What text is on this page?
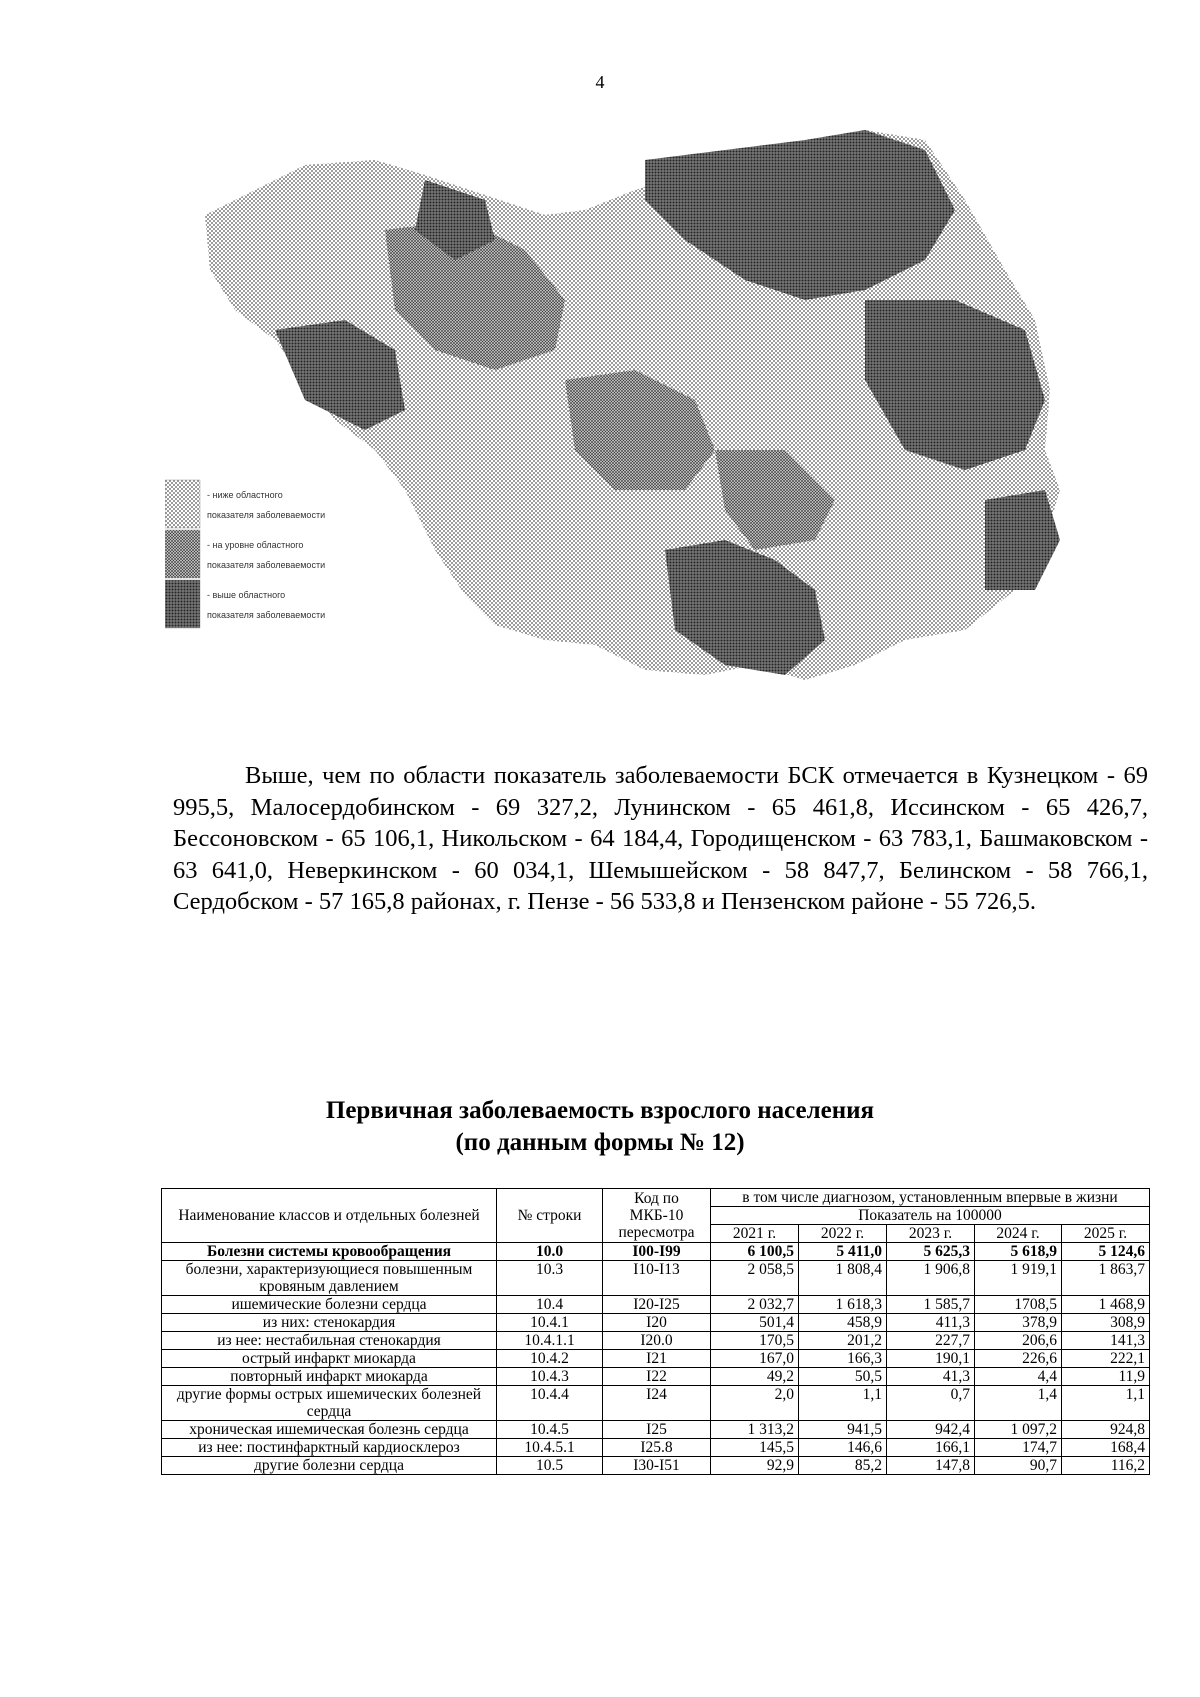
4
- ниже областного
показателя заболеваемости
- на уровне областного
показателя заболеваемости
- выше областного
показателя заболеваемости

Выше, чем по области показатель заболеваемости БСК отмечается в Кузнецком - 69 995,5, Малосердобинском - 69 327,2, Лунинском - 65 461,8, Иссинском - 65 426,7, Бессоновском - 65 106,1, Никольском - 64 184,4, Городищенском - 63 783,1, Башмаковском - 63 641,0, Неверкинском - 60 034,1, Шемышейском - 58 847,7, Белинском - 58 766,1, Сердобском - 57 165,8 районах, г. Пензе - 56 533,8 и Пензенском районе - 55 726,5.

Первичная заболеваемость взрослого населения
(по данным формы № 12)
Наименование классов и отдельных болезней	№ строки	Код по МКБ-10 пересмотра	в том числе диагнозом, установленным впервые в жизни				
			Показатель на 100000				
			2021 г.	2022 г.	2023 г.	2024 г.	2025 г.
Болезни системы кровообращения	10.0	I00-I99	6 100,5	5 411,0	5 625,3	5 618,9	5 124,6
болезни, характеризующиеся повышенным кровяным давлением	10.3	I10-I13	2 058,5	1 808,4	1 906,8	1 919,1	1 863,7
ишемические болезни сердца	10.4	I20-I25	2 032,7	1 618,3	1 585,7	1708,5	1 468,9
из них: стенокардия	10.4.1	I20	501,4	458,9	411,3	378,9	308,9
из нее: нестабильная стенокардия	10.4.1.1	I20.0	170,5	201,2	227,7	206,6	141,3
острый инфаркт миокарда	10.4.2	I21	167,0	166,3	190,1	226,6	222,1
повторный инфаркт миокарда	10.4.3	I22	49,2	50,5	41,3	4,4	11,9
другие формы острых ишемических болезней сердца	10.4.4	I24	2,0	1,1	0,7	1,4	1,1
хроническая ишемическая болезнь сердца	10.4.5	I25	1 313,2	941,5	942,4	1 097,2	924,8
из нее: постинфарктный кардиосклероз	10.4.5.1	I25.8	145,5	146,6	166,1	174,7	168,4
другие болезни сердца	10.5	I30-I51	92,9	85,2	147,8	90,7	116,2
